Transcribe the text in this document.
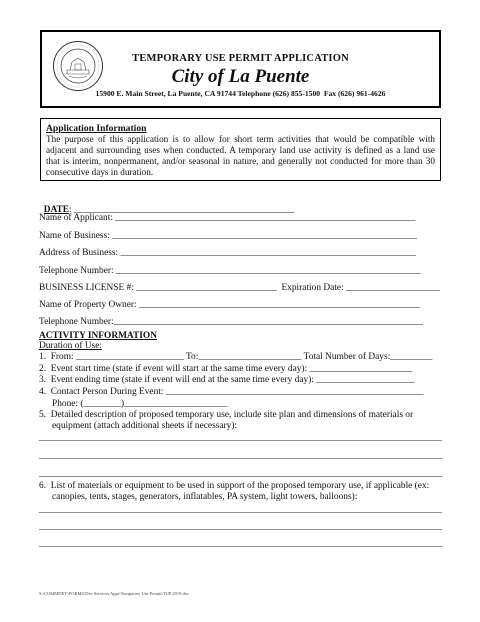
TEMPORARY USE PERMIT APPLICATION
City of La Puente
15900 E. Main Street, La Puente, CA 91744 Telephone (626) 855-1500  Fax (626) 961-4626
Application Information
The purpose of this application is to allow for short term activities that would be compatible with adjacent and surrounding uses when conducted. A temporary land use activity is defined as a land use that is interim, nonpermanent, and/or seasonal in nature, and generally not conducted for more than 30 consecutive days in duration.

DATE: _______________________________________________

Name of Applicant: ________________________________________________________________
Name of Business: _________________________________________________________________
Address of Business: _______________________________________________________________
Telephone Number: _________________________________________________________________
BUSINESS LICENSE #: ______________________________  Expiration Date: ____________________
Name of Property Owner: ____________________________________________________________
Telephone Number:__________________________________________________________________
ACTIVITY INFORMATION
Duration of Use:
1.  From: _______________________ To:______________________ Total Number of Days:_________
2.  Event start time (state if event will start at the same time every day): ______________________
3.  Event ending time (state if event will end at the same time every day): _____________________
4.  Contact Person During Event: _______________________________________________________
Phone: (________)______________________
5.  Detailed description of proposed temporary use, include site plan and dimensions of materials or
equipment (attach additional sheets if necessary):
______________________________________________________________________________________
______________________________________________________________________________________
______________________________________________________________________________________
6.  List of materials or equipment to be used in support of the proposed temporary use, if applicable (ex:
canopies, tents, stages, generators, inflatables, PA system, light towers, balloons):
______________________________________________________________________________________
______________________________________________________________________________________
______________________________________________________________________________________
S:\COMMDEV\FORMS\Dev Services Apps\Temporary Use Permit\TUP 2019.doc
